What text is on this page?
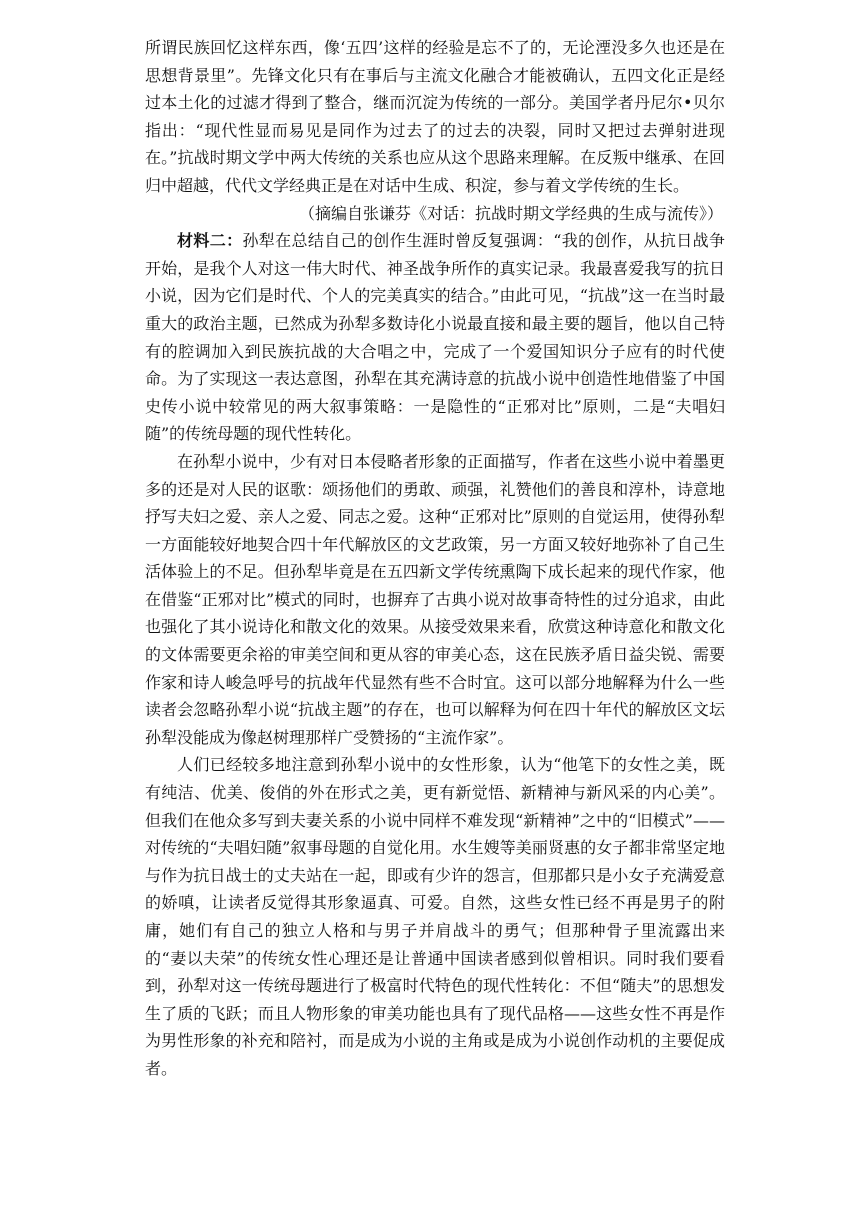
所谓民族回忆这样东西，像‘五四’这样的经验是忘不了的，无论湮没多久也还是在思想背景里”。先锋文化只有在事后与主流文化融合才能被确认，五四文化正是经过本土化的过滤才得到了整合，继而沉淀为传统的一部分。美国学者丹尼尔•贝尔指出：“现代性显而易见是同作为过去了的过去的决裂，同时又把过去弹射进现在。”抗战时期文学中两大传统的关系也应从这个思路来理解。在反叛中继承、在回归中超越，代代文学经典正是在对话中生成、积淀，参与着文学传统的生长。

（摘编自张谦芬《对话：抗战时期文学经典的生成与流传》）

材料二：孙犁在总结自己的创作生涯时曾反复强调：“我的创作，从抗日战争开始，是我个人对这一伟大时代、神圣战争所作的真实记录。我最喜爱我写的抗日小说，因为它们是时代、个人的完美真实的结合。”由此可见，“抗战”这一在当时最重大的政治主题，已然成为孙犁多数诗化小说最直接和最主要的题旨，他以自己特有的腔调加入到民族抗战的大合唱之中，完成了一个爱国知识分子应有的时代使命。为了实现这一表达意图，孙犁在其充满诗意的抗战小说中创造性地借鉴了中国史传小说中较常见的两大叙事策略：一是隐性的“正邪对比”原则，二是“夫唱妇随”的传统母题的现代性转化。

在孙犁小说中，少有对日本侵略者形象的正面描写，作者在这些小说中着墨更多的还是对人民的讴歌：颂扬他们的勇敢、顽强，礼赞他们的善良和淳朴，诗意地抒写夫妇之爱、亲人之爱、同志之爱。这种“正邪对比”原则的自觉运用，使得孙犁一方面能较好地契合四十年代解放区的文艺政策，另一方面又较好地弥补了自己生活体验上的不足。但孙犁毕竟是在五四新文学传统熏陶下成长起来的现代作家，他在借鉴“正邪对比”模式的同时，也摒弃了古典小说对故事奇特性的过分追求，由此也强化了其小说诗化和散文化的效果。从接受效果来看，欣赏这种诗意化和散文化的文体需要更余裕的审美空间和更从容的审美心态，这在民族矛盾日益尖锐、需要作家和诗人峻急呼号的抗战年代显然有些不合时宜。这可以部分地解释为什么一些读者会忽略孙犁小说“抗战主题”的存在，也可以解释为何在四十年代的解放区文坛孙犁没能成为像赵树理那样广受赞扬的“主流作家”。

人们已经较多地注意到孙犁小说中的女性形象，认为“他笔下的女性之美，既有纯洁、优美、俊俏的外在形式之美，更有新觉悟、新精神与新风采的内心美”。但我们在他众多写到夫妻关系的小说中同样不难发现“新精神”之中的“旧模式”——对传统的“夫唱妇随”叙事母题的自觉化用。水生嫂等美丽贤惠的女子都非常坚定地与作为抗日战士的丈夫站在一起，即或有少许的怨言，但那都只是小女子充满爱意的娇嗔，让读者反觉得其形象逼真、可爱。自然，这些女性已经不再是男子的附庸，她们有自己的独立人格和与男子并肩战斗的勇气；但那种骨子里流露出来的“妻以夫荣”的传统女性心理还是让普通中国读者感到似曾相识。同时我们要看到，孙犁对这一传统母题进行了极富时代特色的现代性转化：不但“随夫”的思想发生了质的飞跃；而且人物形象的审美功能也具有了现代品格——这些女性不再是作为男性形象的补充和陪衬，而是成为小说的主角或是成为小说创作动机的主要促成者。
